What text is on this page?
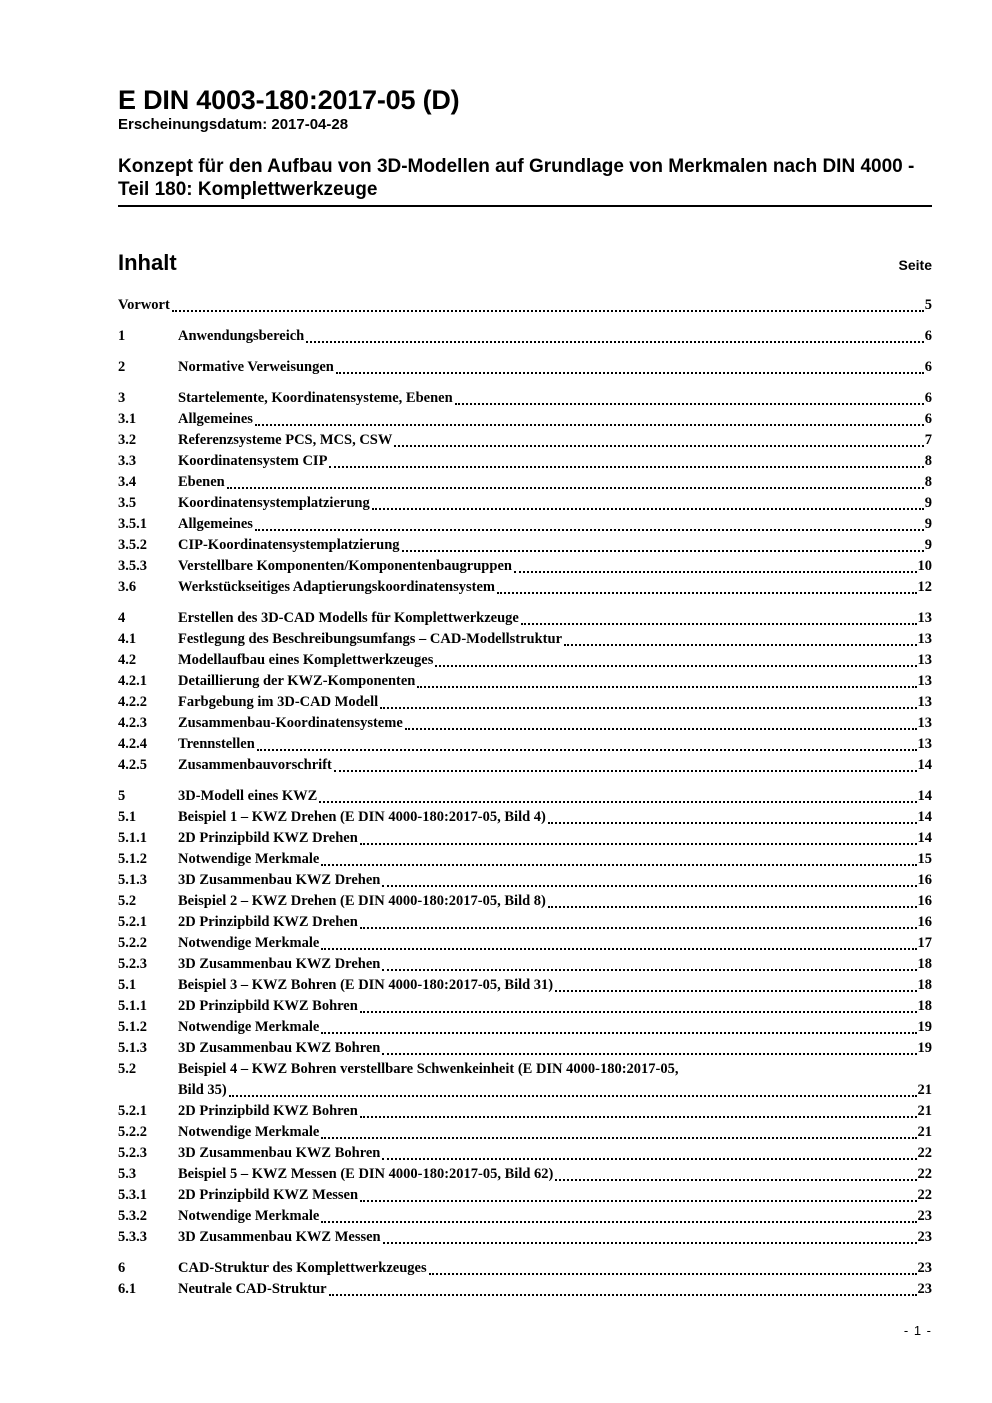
E DIN 4003-180:2017-05 (D)
Erscheinungsdatum: 2017-04-28
Konzept für den Aufbau von 3D-Modellen auf Grundlage von Merkmalen nach DIN 4000 - Teil 180: Komplettwerkzeuge
Inhalt	Seite
Vorwort	5
1	Anwendungsbereich	6
2	Normative Verweisungen	6
3	Startelemente, Koordinatensysteme, Ebenen	6
3.1	Allgemeines	6
3.2	Referenzsysteme PCS, MCS, CSW	7
3.3	Koordinatensystem CIP	8
3.4	Ebenen	8
3.5	Koordinatensystemplatzierung	9
3.5.1	Allgemeines	9
3.5.2	CIP-Koordinatensystemplatzierung	9
3.5.3	Verstellbare Komponenten/Komponentenbaugruppen	10
3.6	Werkstückseitiges Adaptierungskoordinatensystem	12
4	Erstellen des 3D-CAD Modells für Komplettwerkzeuge	13
4.1	Festlegung des Beschreibungsumfangs – CAD-Modellstruktur	13
4.2	Modellaufbau eines Komplettwerkzeuges	13
4.2.1	Detaillierung der KWZ-Komponenten	13
4.2.2	Farbgebung im 3D-CAD Modell	13
4.2.3	Zusammenbau-Koordinatensysteme	13
4.2.4	Trennstellen	13
4.2.5	Zusammenbauvorschrift	14
5	3D-Modell eines KWZ	14
5.1	Beispiel 1 – KWZ Drehen (E DIN 4000-180:2017-05, Bild 4)	14
5.1.1	2D Prinzipbild KWZ Drehen	14
5.1.2	Notwendige Merkmale	15
5.1.3	3D Zusammenbau KWZ Drehen	16
5.2	Beispiel 2 – KWZ Drehen (E DIN 4000-180:2017-05, Bild 8)	16
5.2.1	2D Prinzipbild KWZ Drehen	16
5.2.2	Notwendige Merkmale	17
5.2.3	3D Zusammenbau KWZ Drehen	18
5.1	Beispiel 3 – KWZ Bohren (E DIN 4000-180:2017-05, Bild 31)	18
5.1.1	2D Prinzipbild KWZ Bohren	18
5.1.2	Notwendige Merkmale	19
5.1.3	3D Zusammenbau KWZ Bohren	19
5.2	Beispiel 4 – KWZ Bohren verstellbare Schwenkeinheit (E DIN 4000-180:2017-05,
Bild 35)	21
5.2.1	2D Prinzipbild KWZ Bohren	21
5.2.2	Notwendige Merkmale	21
5.2.3	3D Zusammenbau KWZ Bohren	22
5.3	Beispiel 5 – KWZ Messen (E DIN 4000-180:2017-05, Bild 62)	22
5.3.1	2D Prinzipbild KWZ Messen	22
5.3.2	Notwendige Merkmale	23
5.3.3	3D Zusammenbau KWZ Messen	23
6	CAD-Struktur des Komplettwerkzeuges	23
6.1	Neutrale CAD-Struktur	23
- 1 -
